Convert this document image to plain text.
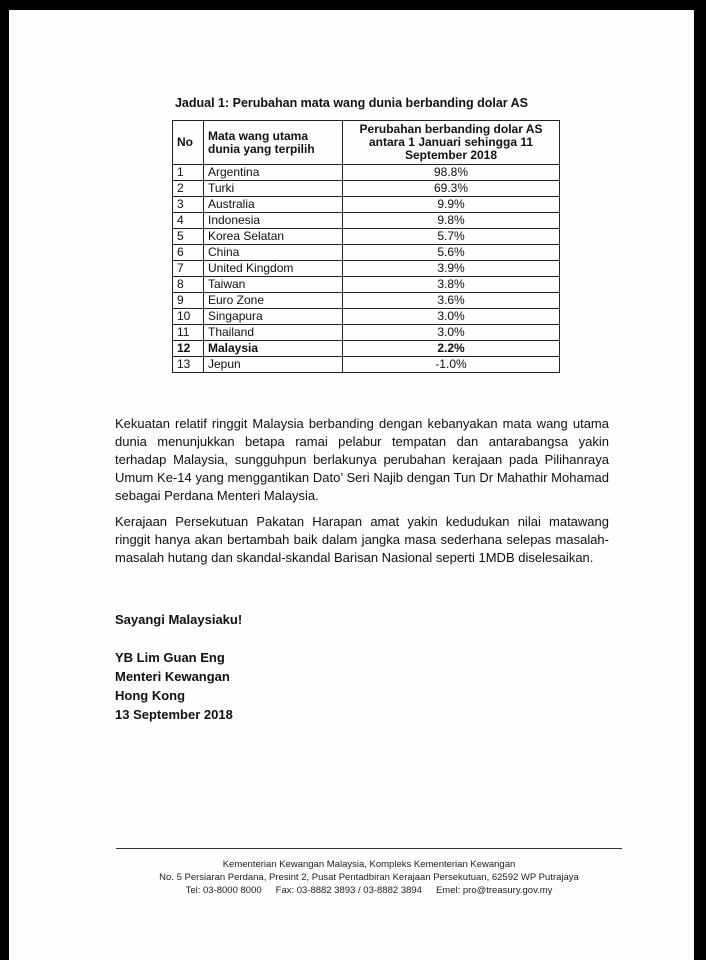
Jadual 1: Perubahan mata wang dunia berbanding dolar AS
No	Mata wang utama dunia yang terpilih	Perubahan berbanding dolar AS antara 1 Januari sehingga 11 September 2018
1	Argentina	98.8%
2	Turki	69.3%
3	Australia	9.9%
4	Indonesia	9.8%
5	Korea Selatan	5.7%
6	China	5.6%
7	United Kingdom	3.9%
8	Taiwan	3.8%
9	Euro Zone	3.6%
10	Singapura	3.0%
11	Thailand	3.0%
12	Malaysia	2.2%
13	Jepun	-1.0%

Kekuatan relatif ringgit Malaysia berbanding dengan kebanyakan mata wang utama dunia menunjukkan betapa ramai pelabur tempatan dan antarabangsa yakin terhadap Malaysia, sungguhpun berlakunya perubahan kerajaan pada Pilihanraya Umum Ke-14 yang menggantikan Dato’ Seri Najib dengan Tun Dr Mahathir Mohamad sebagai Perdana Menteri Malaysia.

Kerajaan Persekutuan Pakatan Harapan amat yakin kedudukan nilai matawang ringgit hanya akan bertambah baik dalam jangka masa sederhana selepas masalah-masalah hutang dan skandal-skandal Barisan Nasional seperti 1MDB diselesaikan.

Sayangi Malaysiaku!
YB Lim Guan Eng
Menteri Kewangan
Hong Kong
13 September 2018
Kementerian Kewangan Malaysia, Kompleks Kementerian Kewangan
No. 5 Persiaran Perdana, Presint 2, Pusat Pentadbiran Kerajaan Persekutuan, 62592 WP Putrajaya
Tel: 03-8000 8000 Fax: 03-8882 3893 / 03-8882 3894 Emel: pro@treasury.gov.my
